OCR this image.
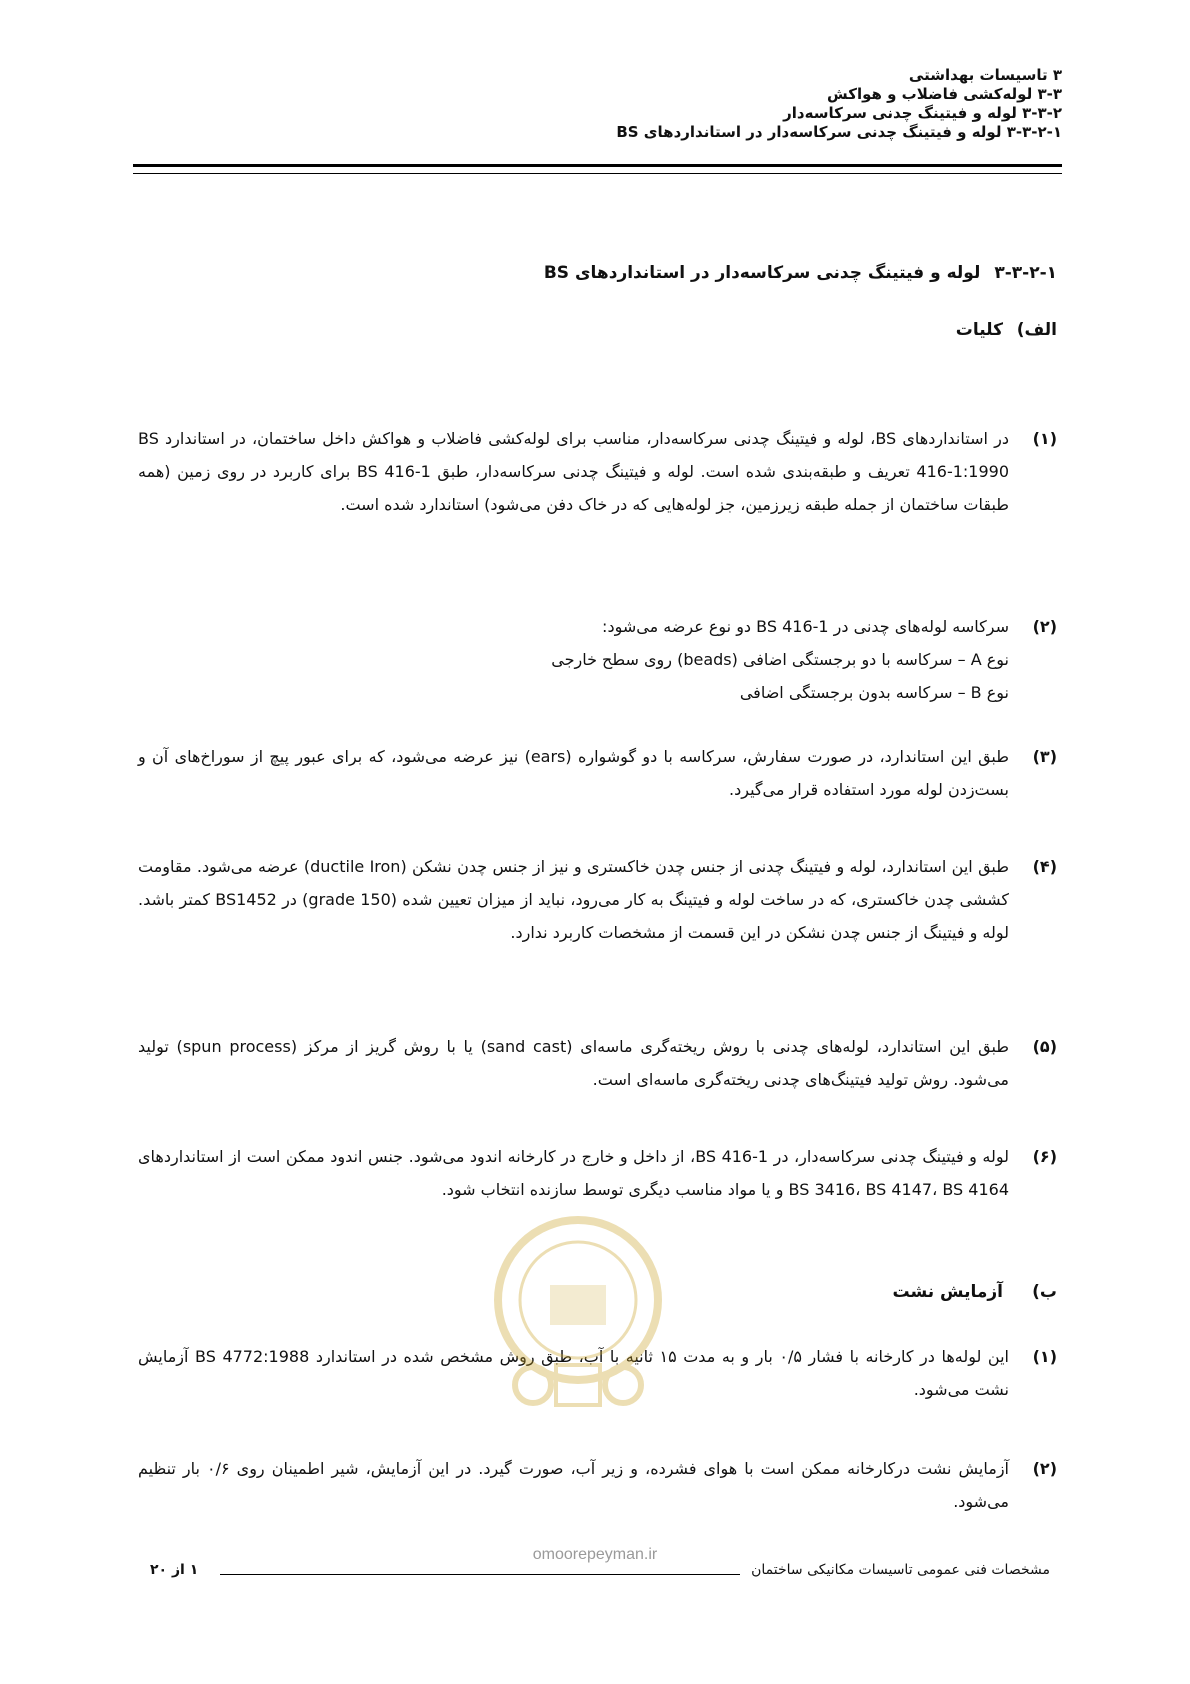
۳ تاسیسات بهداشتی
۳-۳ لوله‌کشی فاضلاب و هواکش
۳-۳-۲ لوله و فیتینگ چدنی سرکاسه‌دار
۳-۳-۲-۱ لوله و فیتینگ چدنی سرکاسه‌دار در استانداردهای BS
۳-۳-۲-۱لوله و فیتینگ چدنی سرکاسه‌دار در استانداردهای BS
الف)کلیات
(۱)
در استانداردهای BS، لوله و فیتینگ چدنی سرکاسه‌دار، مناسب برای لوله‌کشی فاضلاب و هواکش داخل ساختمان، در استاندارد BS 416-1:1990 تعریف و طبقه‌بندی شده است. لوله و فیتینگ چدنی سرکاسه‌دار، طبق BS 416-1 برای کاربرد در روی زمین (همه طبقات ساختمان از جمله طبقه زیرزمین، جز لوله‌هایی که در خاک دفن می‌شود) استاندارد شده است.
(۲)
سرکاسه لوله‌های چدنی در BS 416-1 دو نوع عرضه می‌شود:
نوع A – سرکاسه با دو برجستگی اضافی (beads) روی سطح خارجی
نوع B – سرکاسه بدون برجستگی اضافی
(۳)
طبق این استاندارد، در صورت سفارش، سرکاسه با دو گوشواره (ears) نیز عرضه می‌شود، که برای عبور پیچ از سوراخ‌های آن و بست‌زدن لوله مورد استفاده قرار می‌گیرد.
(۴)
طبق این استاندارد، لوله و فیتینگ چدنی از جنس چدن خاکستری و نیز از جنس چدن نشکن (ductile Iron) عرضه می‌شود. مقاومت کششی چدن خاکستری، که در ساخت لوله و فیتینگ به کار می‌رود، نباید از میزان تعیین شده (grade 150) در BS1452 کمتر باشد. لوله و فیتینگ از جنس چدن نشکن در این قسمت از مشخصات کاربرد ندارد.
(۵)
طبق این استاندارد، لوله‌های چدنی با روش ریخته‌گری ماسه‌ای (sand cast) یا با روش گریز از مرکز (spun process) تولید می‌شود. روش تولید فیتینگ‌های چدنی ریخته‌گری ماسه‌ای است.
(۶)
لوله و فیتینگ چدنی سرکاسه‌دار، در BS 416-1، از داخل و خارج در کارخانه اندود می‌شود. جنس اندود ممکن است از استانداردهای BS 3416، BS 4147، BS 4164 و یا مواد مناسب دیگری توسط سازنده انتخاب شود.
ب)آزمایش نشت
(۱)
این لوله‌ها در کارخانه با فشار ۰/۵ بار و به مدت ۱۵ ثانیه با آب، طبق روش مشخص شده در استاندارد BS 4772:1988 آزمایش نشت می‌شود.
(۲)
آزمایش نشت درکارخانه ممکن است با هوای فشرده، و زیر آب، صورت گیرد. در این آزمایش، شیر اطمینان روی ۰/۶ بار تنظیم می‌شود.
omoorepeyman.ir
مشخصات فنی عمومی تاسیسات مکانیکی ساختمان
۱ از ۲۰
